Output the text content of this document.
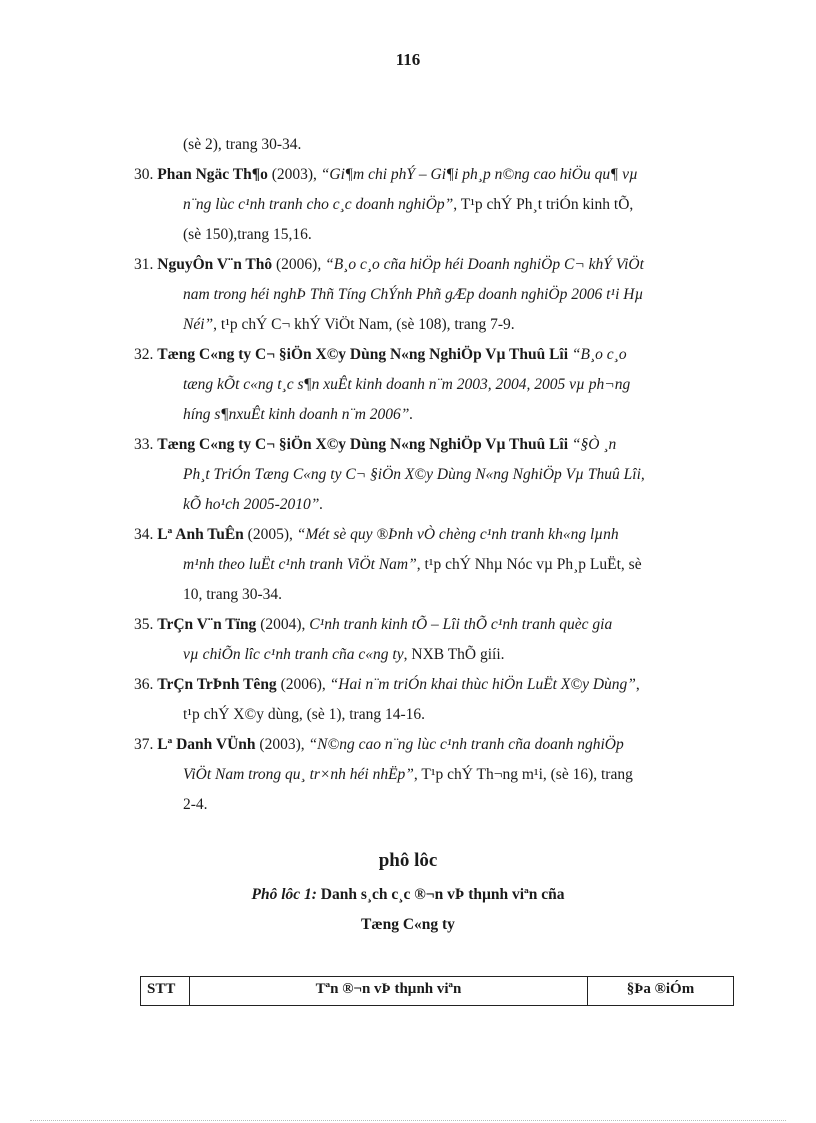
116
(sè 2), trang 30-34.
30. Phan Ngäc Th¶o (2003), “Gi¶m chi phÝ – Gi¶i ph¸p n©ng cao hiÖu qu¶ vµ
n¨ng lùc c¹nh tranh cho c¸c doanh nghiÖp”, T¹p chÝ Ph¸t triÓn kinh tÕ,
(sè 150),trang 15,16.
31. NguyÔn V¨n Thô (2006), “B¸o c¸o cña hiÖp héi Doanh nghiÖp C¬ khÝ ViÖt
nam trong héi nghÞ Thñ Tíng ChÝnh Phñ gÆp doanh nghiÖp 2006 t¹i Hµ
Néi”, t¹p chÝ C¬ khÝ ViÖt Nam, (sè 108), trang 7-9.
32. Tæng C«ng ty C¬ §iÖn X©y Dùng N«ng NghiÖp Vµ Thuû Lîi “B¸o c¸o
tæng kÕt c«ng t¸c s¶n xuÊt kinh doanh n¨m 2003, 2004, 2005 vµ ph¬ng
híng s¶nxuÊt kinh doanh n¨m 2006”.
33. Tæng C«ng ty C¬ §iÖn X©y Dùng N«ng NghiÖp Vµ Thuû Lîi “§Ò ¸n
Ph¸t TriÓn Tæng C«ng ty C¬ §iÖn X©y Dùng N«ng NghiÖp Vµ Thuû Lîi,
kÕ ho¹ch 2005-2010”.
34. Lª Anh TuÊn (2005), “Mét sè quy ®Þnh vÒ chèng c¹nh tranh kh«ng lµnh
m¹nh theo luËt c¹nh tranh ViÖt Nam”, t¹p chÝ Nhµ Nóc vµ Ph¸p LuËt, sè
10, trang 30-34.
35. TrÇn V¨n Tïng (2004), C¹nh tranh kinh tÕ – Lîi thÕ c¹nh tranh quèc gia
vµ chiÕn lîc c¹nh tranh cña c«ng ty, NXB ThÕ giíi.
36. TrÇn TrÞnh Têng (2006), “Hai n¨m triÓn khai thùc hiÖn LuËt X©y Dùng”,
t¹p chÝ X©y dùng, (sè 1), trang 14-16.
37. Lª Danh VÜnh (2003), “N©ng cao n¨ng lùc c¹nh tranh cña doanh nghiÖp
ViÖt Nam trong qu¸ tr×nh héi nhËp”, T¹p chÝ Th¬ng m¹i, (sè 16), trang
2-4.
phô lôc
Phô lôc 1: Danh s¸ch c¸c ®¬n vÞ thµnh viªn cña
Tæng C«ng ty
STT	Tªn ®¬n vÞ thµnh viªn	§Þa ®iÓm
